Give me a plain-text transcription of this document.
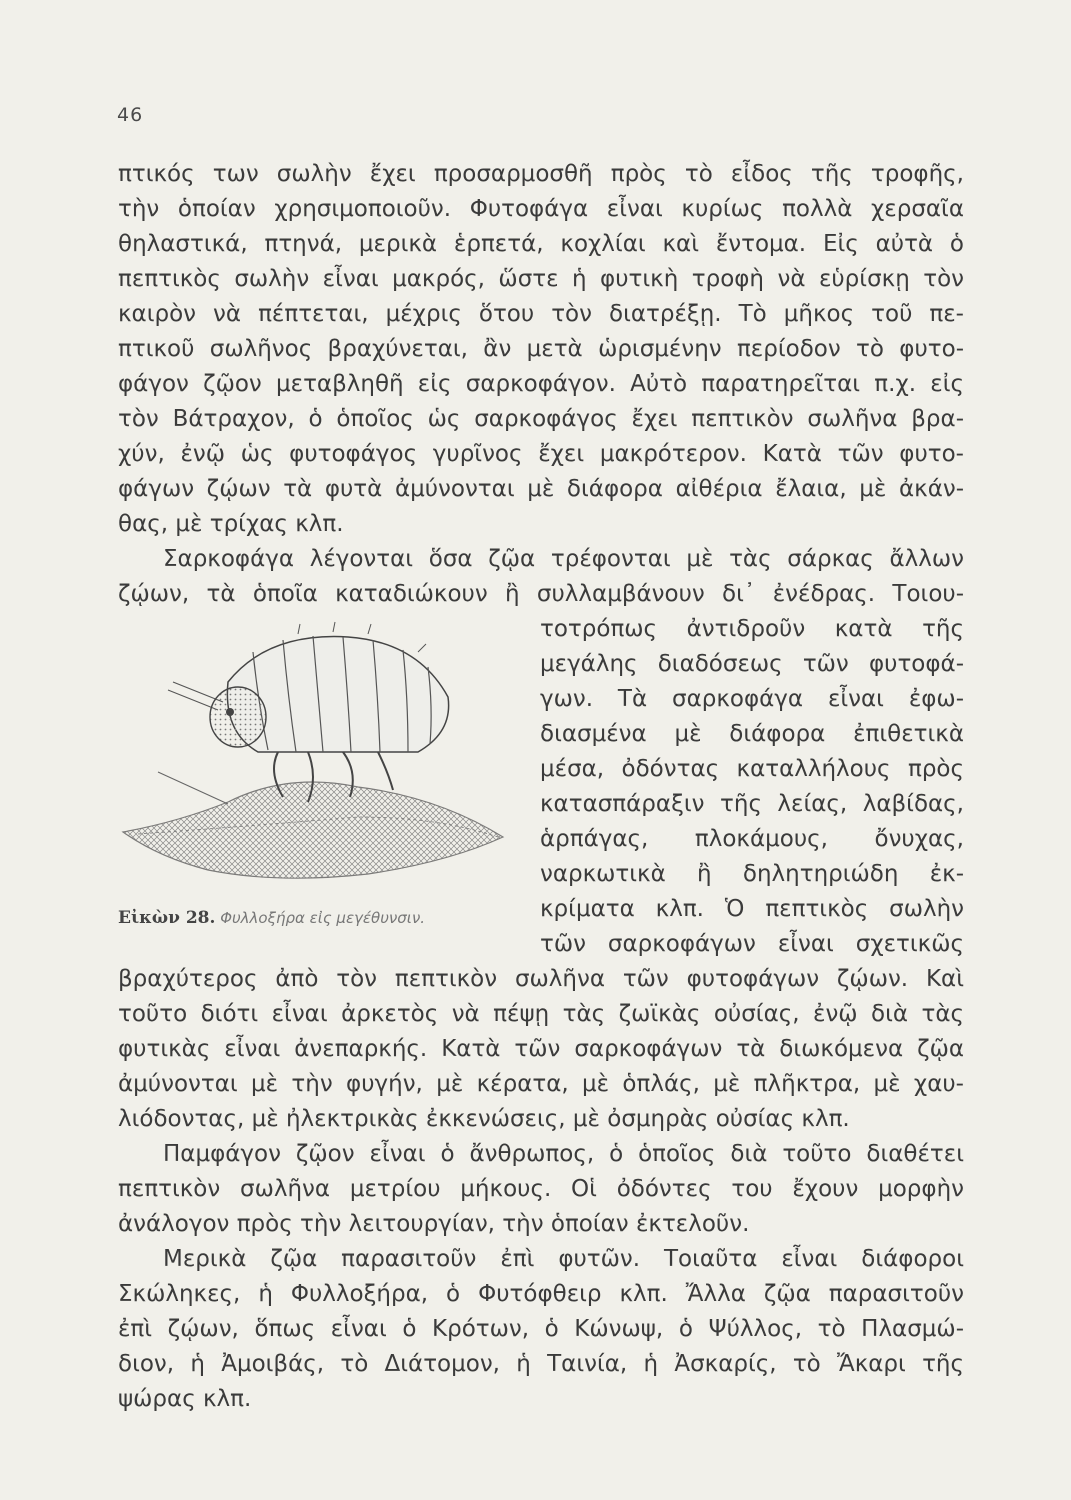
46
πτικός των σωλὴν ἔχει προσαρμοσθῆ πρὸς τὸ εἶδος τῆς τροφῆς,
τὴν ὁποίαν χρησιμοποιοῦν. Φυτοφάγα εἶναι κυρίως πολλὰ χερσαῖα
θηλαστικά, πτηνά, μερικὰ ἑρπετά, κοχλίαι καὶ ἔντομα. Εἰς αὐτὰ ὁ
πεπτικὸς σωλὴν εἶναι μακρός, ὥστε ἡ φυτικὴ τροφὴ νὰ εὑρίσκῃ τὸν
καιρὸν νὰ πέπτεται, μέχρις ὅτου τὸν διατρέξῃ. Τὸ μῆκος τοῦ πε-
πτικοῦ σωλῆνος βραχύνεται, ἂν μετὰ ὡρισμένην περίοδον τὸ φυτο-
φάγον ζῷον μεταβληθῆ εἰς σαρκοφάγον. Αὐτὸ παρατηρεῖται π.χ. εἰς
τὸν Βάτραχον, ὁ ὁποῖος ὡς σαρκοφάγος ἔχει πεπτικὸν σωλῆνα βρα-
χύν, ἐνῷ ὡς φυτοφάγος γυρῖνος ἔχει μακρότερον. Κατὰ τῶν φυτο-
φάγων ζῴων τὰ φυτὰ ἀμύνονται μὲ διάφορα αἰθέρια ἔλαια, μὲ ἀκάν-
θας, μὲ τρίχας κλπ.
Σαρκοφάγα λέγονται ὅσα ζῷα τρέφονται μὲ τὰς σάρκας ἄλλων
ζῴων, τὰ ὁποῖα καταδιώκουν ἢ συλλαμβάνουν δι᾽ ἐνέδρας. Τοιου-
τοτρόπως ἀντιδροῦν κατὰ τῆς
μεγάλης διαδόσεως τῶν φυτοφά-
γων. Τὰ σαρκοφάγα εἶναι ἐφω-
διασμένα μὲ διάφορα ἐπιθετικὰ
μέσα, ὀδόντας καταλλήλους πρὸς
κατασπάραξιν τῆς λείας, λαβίδας,
ἁρπάγας, πλοκάμους, ὄνυχας,
ναρκωτικὰ ἢ δηλητηριώδη ἐκ-
κρίματα κλπ. Ὁ πεπτικὸς σωλὴν
τῶν σαρκοφάγων εἶναι σχετικῶς
Εἰκὼν 28. Φυλλοξήρα εἰς μεγέθυνσιν.
βραχύτερος ἀπὸ τὸν πεπτικὸν σωλῆνα τῶν φυτοφάγων ζῴων. Καὶ
τοῦτο διότι εἶναι ἀρκετὸς νὰ πέψῃ τὰς ζωϊκὰς οὐσίας, ἐνῷ διὰ τὰς
φυτικὰς εἶναι ἀνεπαρκής. Κατὰ τῶν σαρκοφάγων τὰ διωκόμενα ζῷα
ἀμύνονται μὲ τὴν φυγήν, μὲ κέρατα, μὲ ὁπλάς, μὲ πλῆκτρα, μὲ χαυ-
λιόδοντας, μὲ ἠλεκτρικὰς ἐκκενώσεις, μὲ ὀσμηρὰς οὐσίας κλπ.
Παμφάγον ζῷον εἶναι ὁ ἄνθρωπος, ὁ ὁποῖος διὰ τοῦτο διαθέτει
πεπτικὸν σωλῆνα μετρίου μήκους. Οἱ ὀδόντες του ἔχουν μορφὴν
ἀνάλογον πρὸς τὴν λειτουργίαν, τὴν ὁποίαν ἐκτελοῦν.
Μερικὰ ζῷα παρασιτοῦν ἐπὶ φυτῶν. Τοιαῦτα εἶναι διάφοροι
Σκώληκες, ἡ Φυλλοξήρα, ὁ Φυτόφθειρ κλπ. Ἄλλα ζῷα παρασιτοῦν
ἐπὶ ζῴων, ὅπως εἶναι ὁ Κρότων, ὁ Κώνωψ, ὁ Ψύλλος, τὸ Πλασμώ-
διον, ἡ Ἀμοιβάς, τὸ Διάτομον, ἡ Ταινία, ἡ Ἀσκαρίς, τὸ Ἄκαρι τῆς
ψώρας κλπ.
